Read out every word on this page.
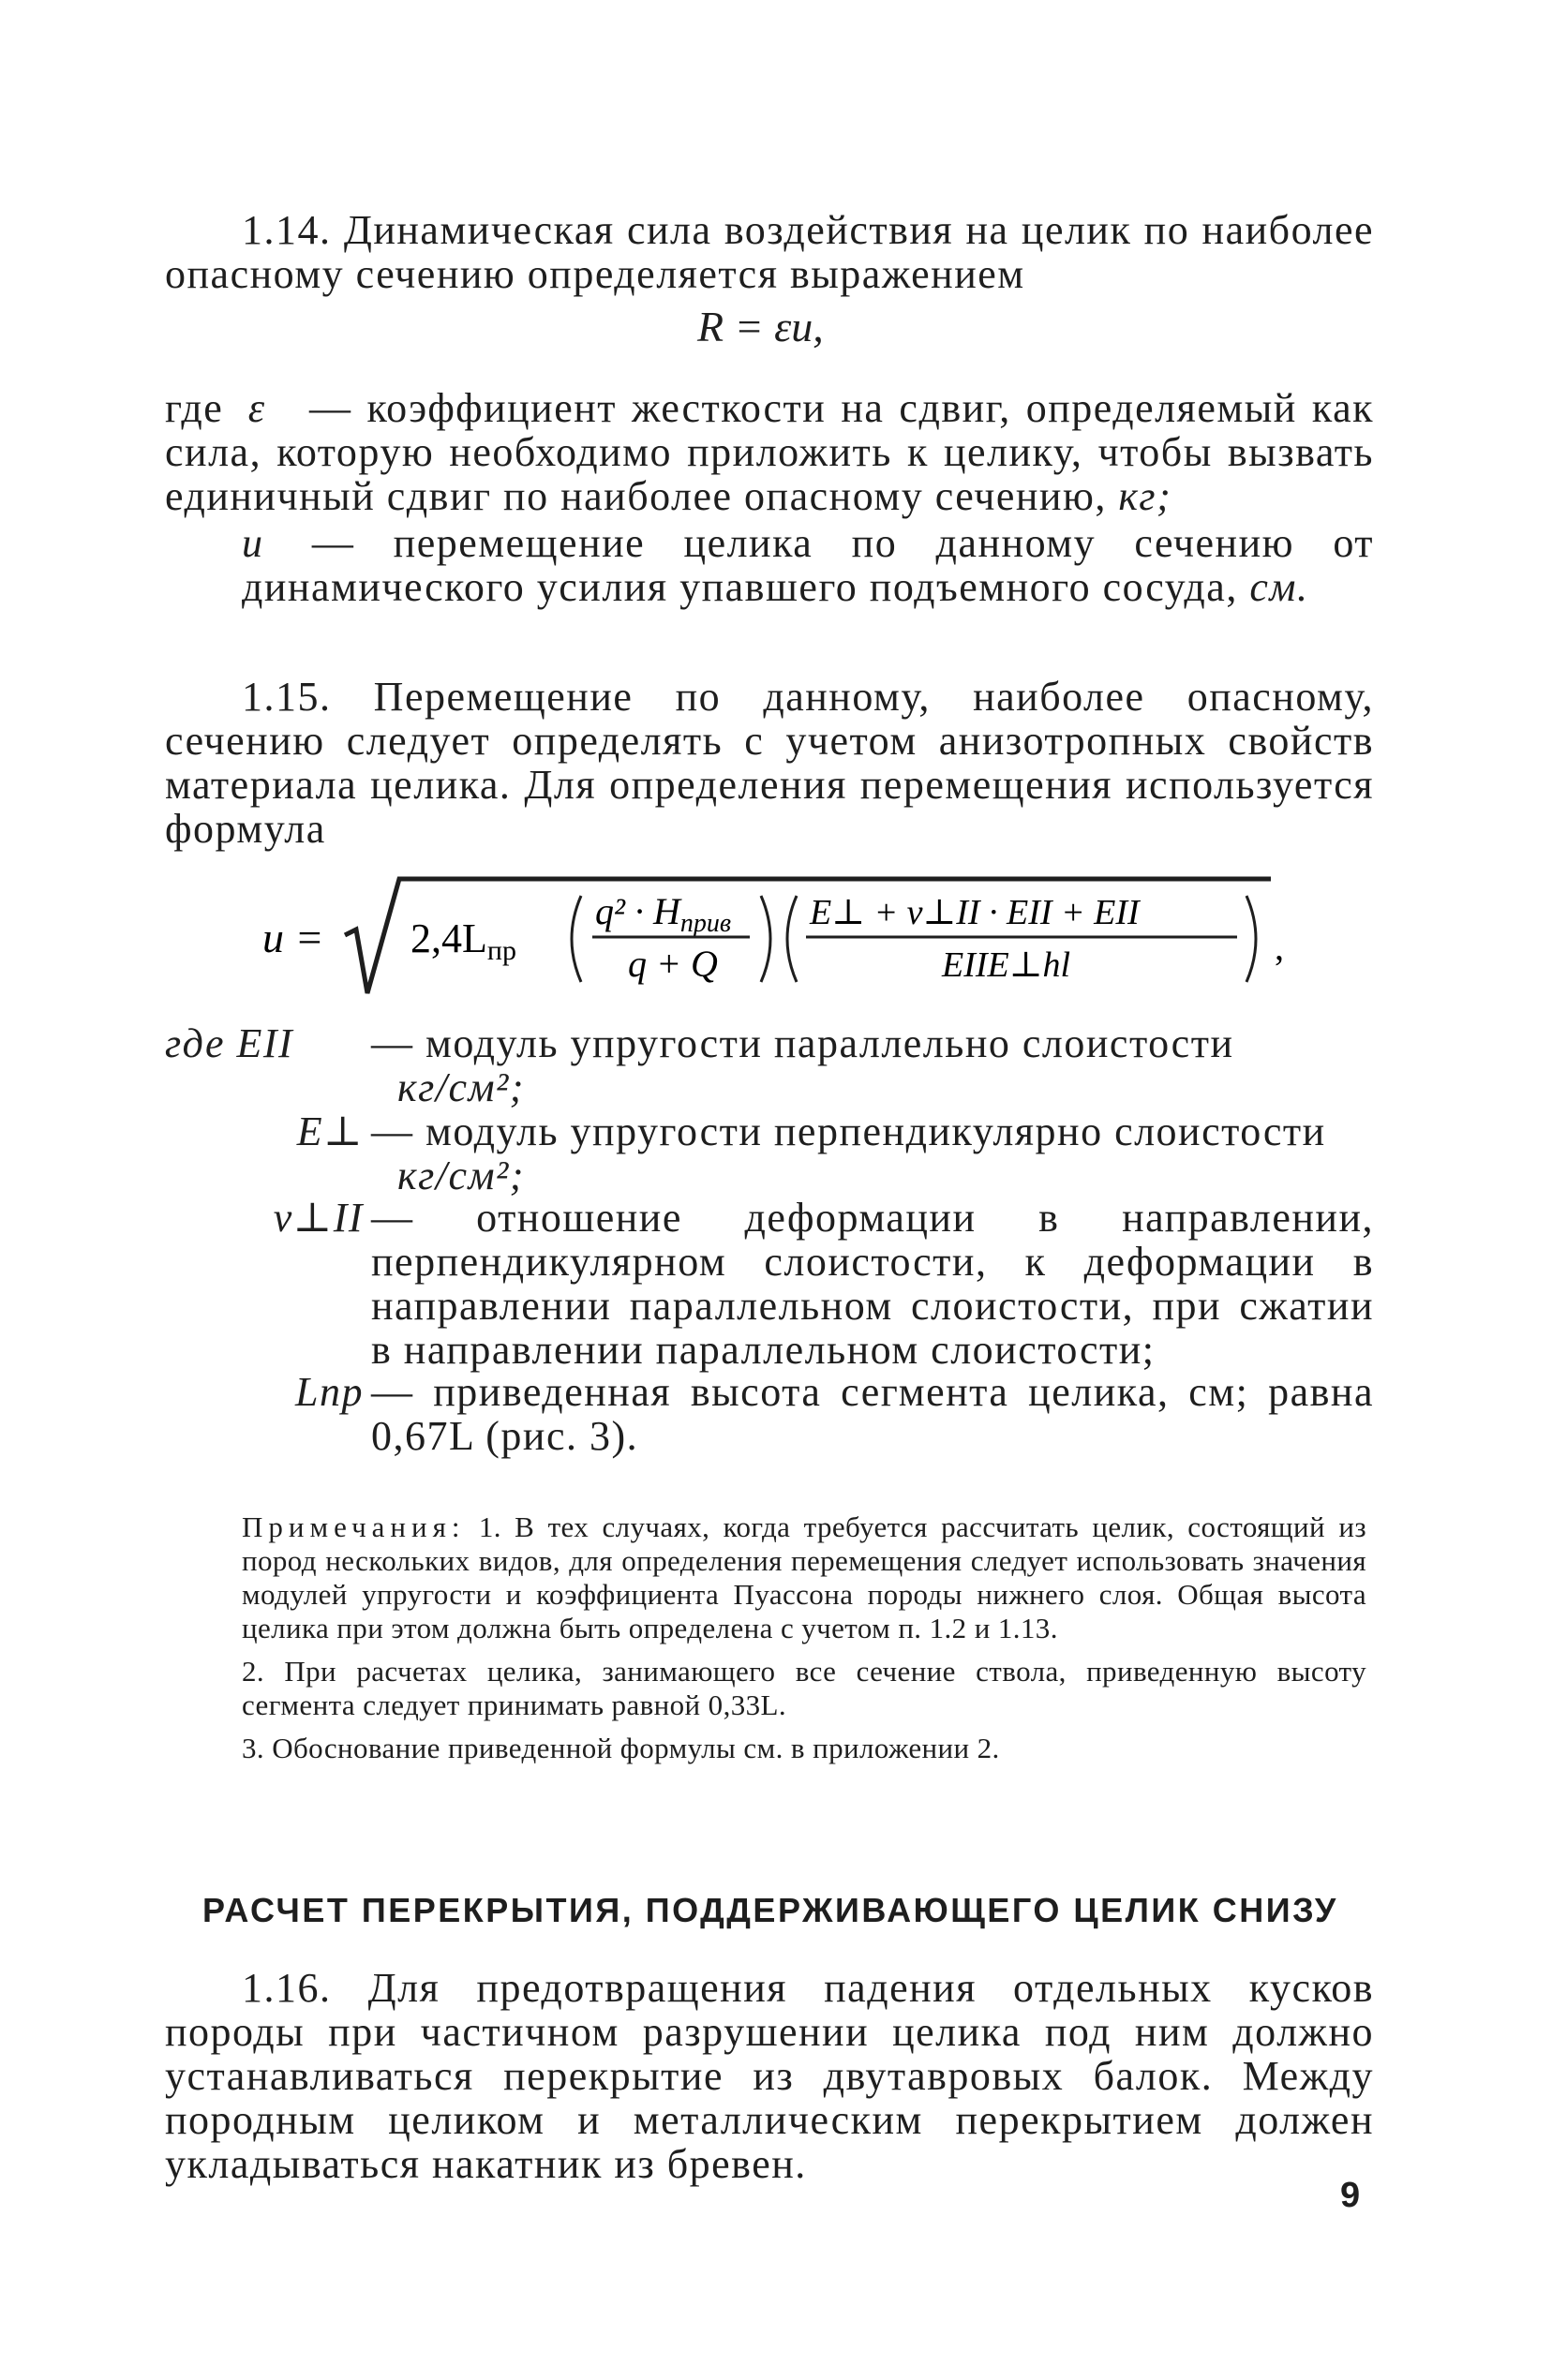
1.14. Динамическая сила воздействия на целик по наиболее опасному сечению определяется выражением

R = εu,
где ε	— коэффициент жесткости на сдвиг, определяемый как сила, которую необходимо приложить к целику, чтобы вызвать единичный сдвиг по наиболее опасному сечению, кг;
u — перемещение целика по данному сечению от динамического усилия упавшего подъемного сосуда, см.

1.15. Перемещение по данному, наиболее опасному, сечению следует определять с учетом анизотропных свойств материала целика. Для определения перемещения используется формула

u = 2,4Lпр
$q^2 \cdot H_{прив}$
q + Q
E⊥ + ν⊥II · EII + EII
EIIE⊥hl	,
где EII	— модуль упругости параллельно слоистости
кг/см²;
E⊥ — модуль упругости перпендикулярно слоистости
кг/см²;
ν⊥II — отношение деформации в направлении, перпендикулярном слоистости, к деформации в направлении параллельном слоистости, при сжатии в направлении параллельном слоистости;
Lпр — приведенная высота сегмента целика, см; равна 0,67L (рис. 3).

Примечания: 1. В тех случаях, когда требуется рассчитать целик, состоящий из пород нескольких видов, для определения перемещения следует использовать значения модулей упругости и коэффициента Пуассона породы нижнего слоя. Общая высота целика при этом должна быть определена с учетом п. 1.2 и 1.13.

2. При расчетах целика, занимающего все сечение ствола, приведенную высоту сегмента следует принимать равной 0,33L.

3. Обоснование приведенной формулы см. в приложении 2.

РАСЧЕТ ПЕРЕКРЫТИЯ, ПОДДЕРЖИВАЮЩЕГО ЦЕЛИК СНИЗУ

1.16. Для предотвращения падения отдельных кусков породы при частичном разрушении целика под ним должно устанавливаться перекрытие из двутавровых балок. Между породным целиком и металлическим перекрытием должен укладываться накатник из бревен.

9
